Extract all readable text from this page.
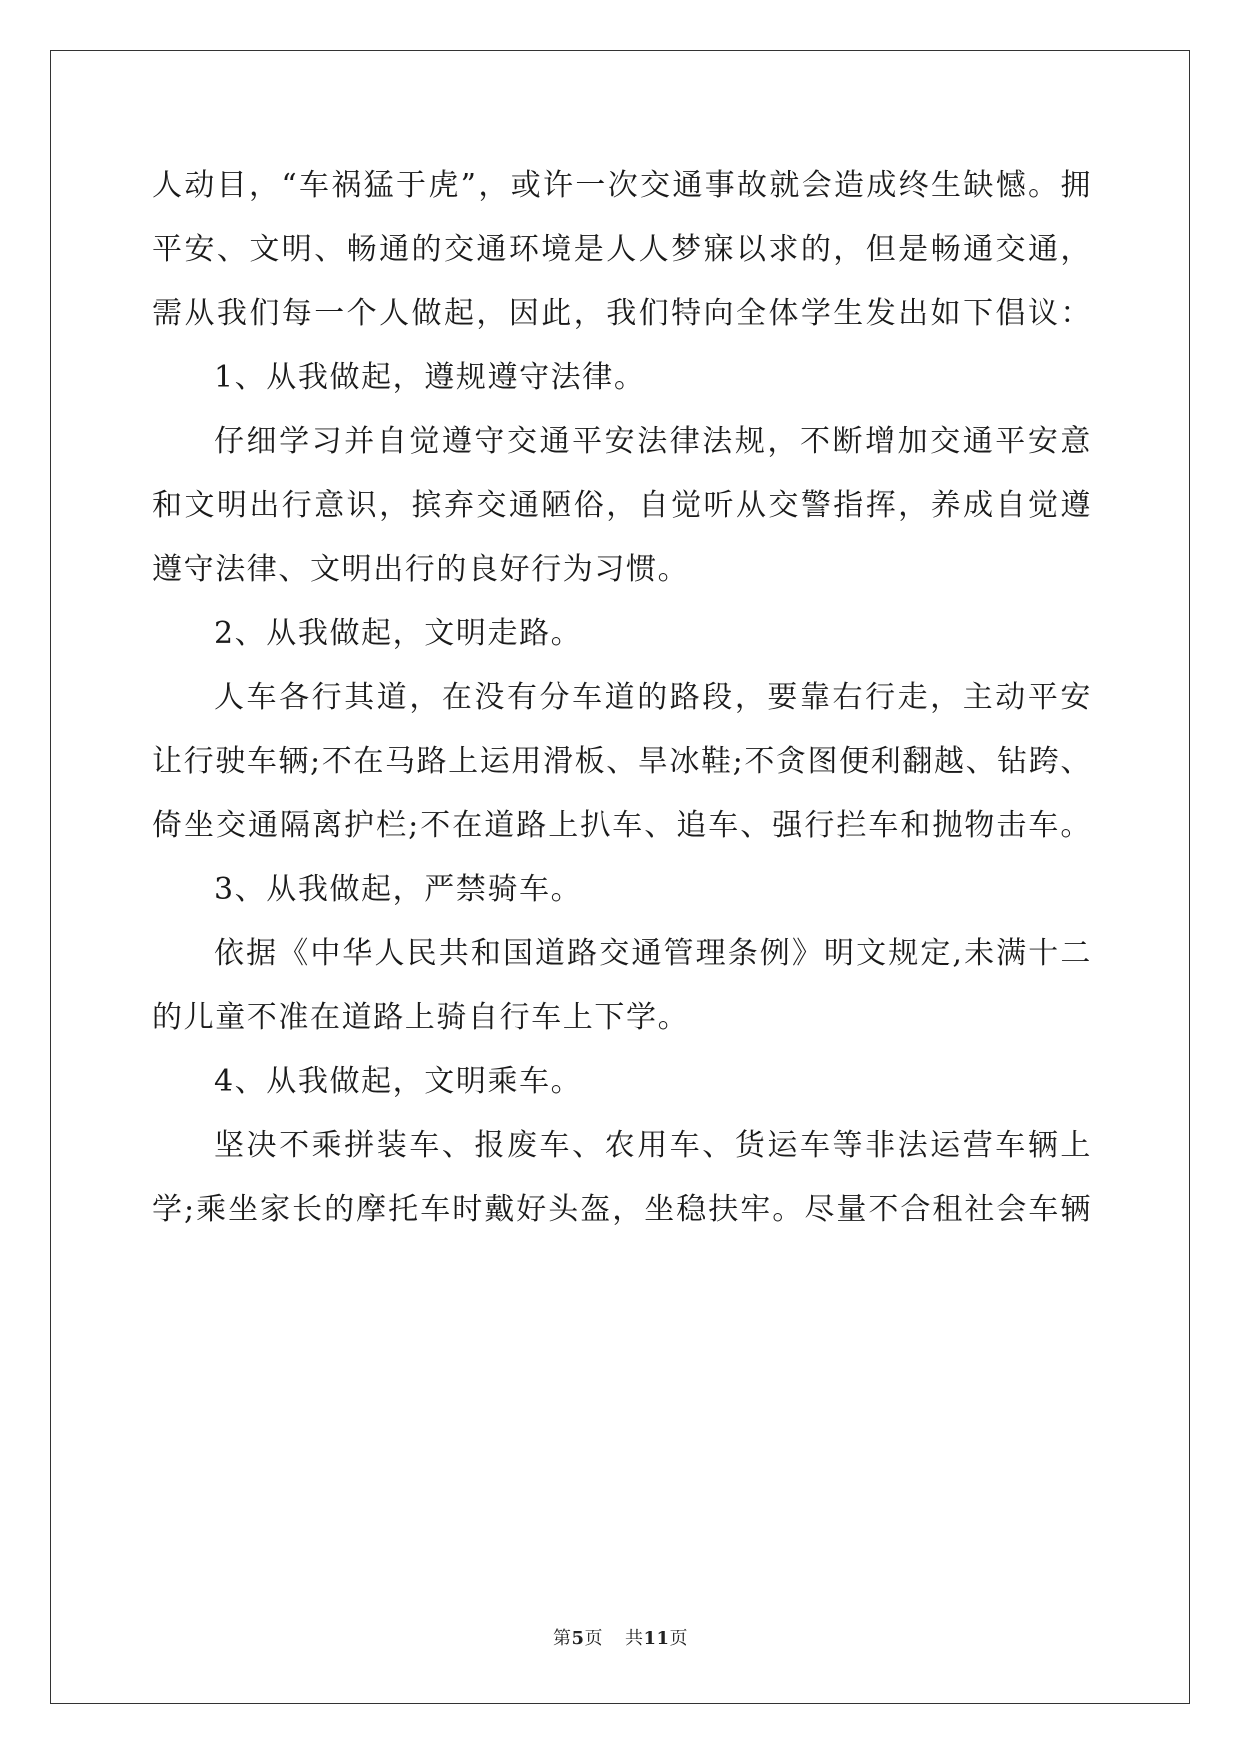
人动目，“车祸猛于虎”，或许一次交通事故就会造成终生缺憾。拥
平安、文明、畅通的交通环境是人人梦寐以求的，但是畅通交通，
需从我们每一个人做起，因此，我们特向全体学生发出如下倡议：
1、从我做起，遵规遵守法律。
仔细学习并自觉遵守交通平安法律法规，不断增加交通平安意
和文明出行意识，摈弃交通陋俗，自觉听从交警指挥，养成自觉遵
遵守法律、文明出行的良好行为习惯。
2、从我做起，文明走路。
人车各行其道，在没有分车道的路段，要靠右行走，主动平安
让行驶车辆;不在马路上运用滑板、旱冰鞋;不贪图便利翻越、钻跨、
倚坐交通隔离护栏;不在道路上扒车、追车、强行拦车和抛物击车。
3、从我做起，严禁骑车。
依据《中华人民共和国道路交通管理条例》明文规定,未满十二
的儿童不准在道路上骑自行车上下学。
4、从我做起，文明乘车。
坚决不乘拼装车、报废车、农用车、货运车等非法运营车辆上
学;乘坐家长的摩托车时戴好头盔，坐稳扶牢。尽量不合租社会车辆
第5页 共11页
